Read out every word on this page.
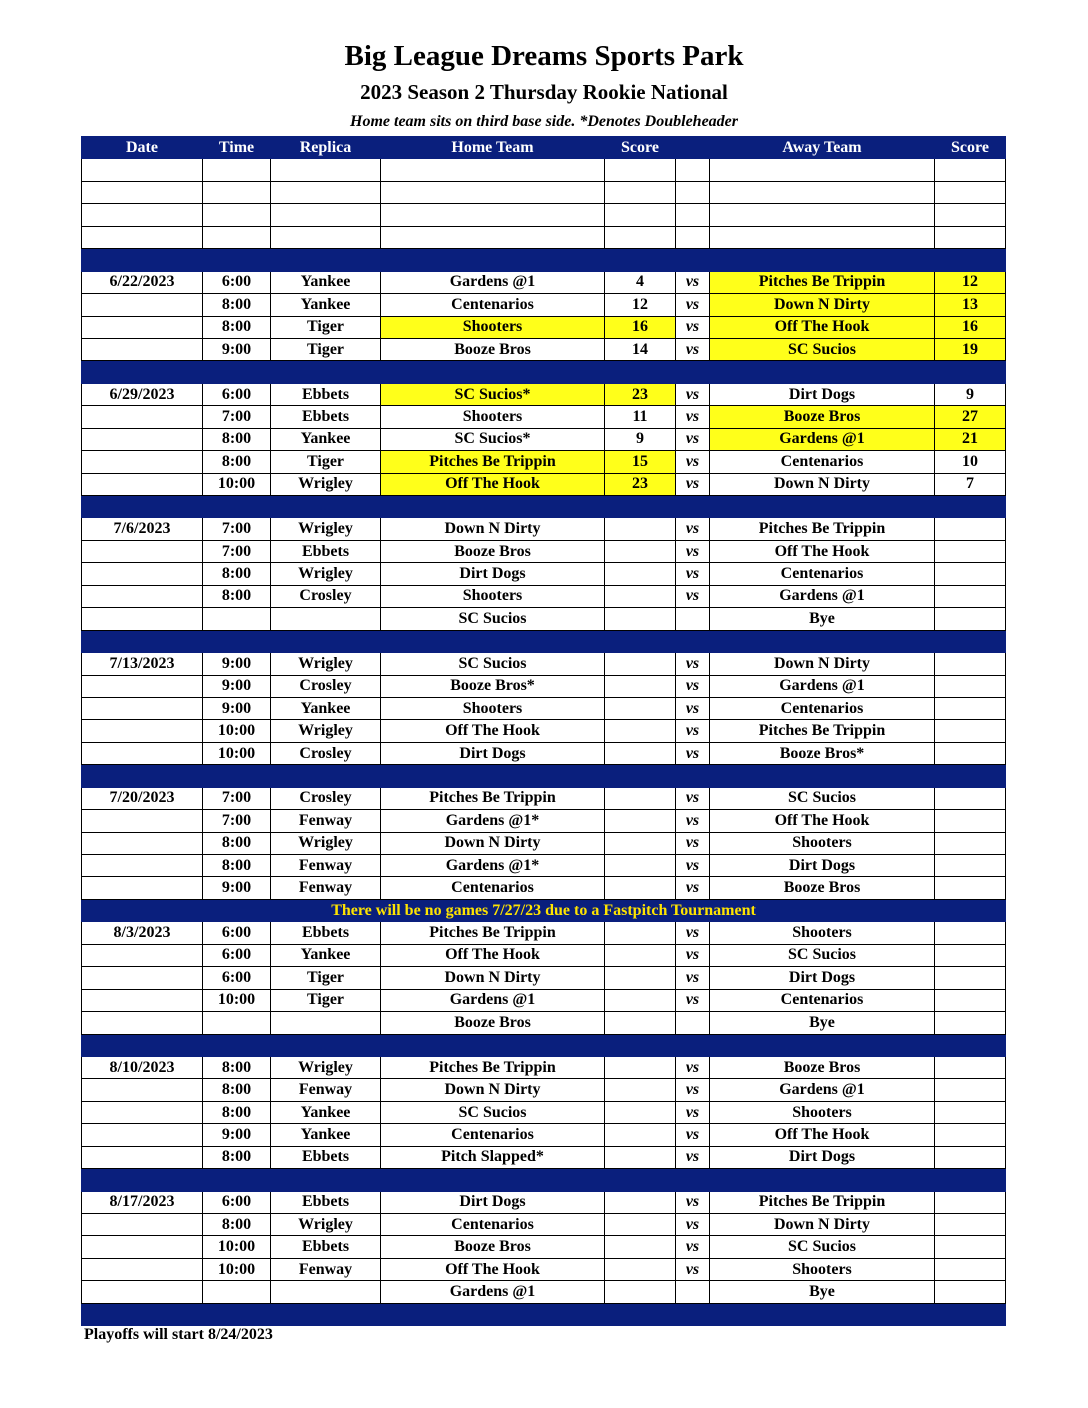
Big League Dreams Sports Park
2023 Season 2 Thursday Rookie National
Home team sits on third base side. *Denotes Doubleheader
Date	Time	Replica	Home Team	Score		Away Team	Score

6/22/2023	6:00	Yankee	Gardens @1	4	vs	Pitches Be Trippin	12
	8:00	Yankee	Centenarios	12	vs	Down N Dirty	13
	8:00	Tiger	Shooters	16	vs	Off The Hook	16
	9:00	Tiger	Booze Bros	14	vs	SC Sucios	19

6/29/2023	6:00	Ebbets	SC Sucios*	23	vs	Dirt Dogs	9
	7:00	Ebbets	Shooters	11	vs	Booze Bros	27
	8:00	Yankee	SC Sucios*	9	vs	Gardens @1	21
	8:00	Tiger	Pitches Be Trippin	15	vs	Centenarios	10
	10:00	Wrigley	Off The Hook	23	vs	Down N Dirty	7

7/6/2023	7:00	Wrigley	Down N Dirty		vs	Pitches Be Trippin	
	7:00	Ebbets	Booze Bros		vs	Off The Hook	
	8:00	Wrigley	Dirt Dogs		vs	Centenarios	
	8:00	Crosley	Shooters		vs	Gardens @1	
			SC Sucios			Bye	

7/13/2023	9:00	Wrigley	SC Sucios		vs	Down N Dirty	
	9:00	Crosley	Booze Bros*		vs	Gardens @1	
	9:00	Yankee	Shooters		vs	Centenarios	
	10:00	Wrigley	Off The Hook		vs	Pitches Be Trippin	
	10:00	Crosley	Dirt Dogs		vs	Booze Bros*	

7/20/2023	7:00	Crosley	Pitches Be Trippin		vs	SC Sucios	
	7:00	Fenway	Gardens @1*		vs	Off The Hook	
	8:00	Wrigley	Down N Dirty		vs	Shooters	
	8:00	Fenway	Gardens @1*		vs	Dirt Dogs	
	9:00	Fenway	Centenarios		vs	Booze Bros	
There will be no games 7/27/23 due to a Fastpitch Tournament							
8/3/2023	6:00	Ebbets	Pitches Be Trippin		vs	Shooters	
	6:00	Yankee	Off The Hook		vs	SC Sucios	
	6:00	Tiger	Down N Dirty		vs	Dirt Dogs	
	10:00	Tiger	Gardens @1		vs	Centenarios	
			Booze Bros			Bye	

8/10/2023	8:00	Wrigley	Pitches Be Trippin		vs	Booze Bros	
	8:00	Fenway	Down N Dirty		vs	Gardens @1	
	8:00	Yankee	SC Sucios		vs	Shooters	
	9:00	Yankee	Centenarios		vs	Off The Hook	
	8:00	Ebbets	Pitch Slapped*		vs	Dirt Dogs	

8/17/2023	6:00	Ebbets	Dirt Dogs		vs	Pitches Be Trippin	
	8:00	Wrigley	Centenarios		vs	Down N Dirty	
	10:00	Ebbets	Booze Bros		vs	SC Sucios	
	10:00	Fenway	Off The Hook		vs	Shooters	
			Gardens @1			Bye	

Playoffs will start 8/24/2023
